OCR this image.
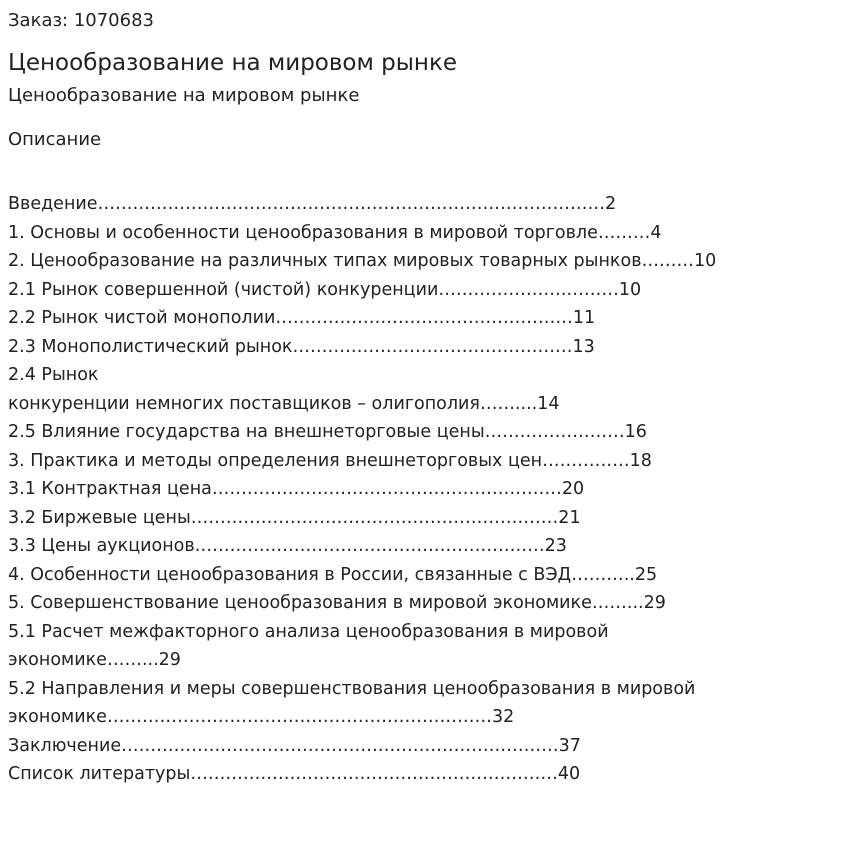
Заказ: 1070683

Ценообразование на мировом рынке

Ценообразование на мировом рынке

Описание

Введение……………………………………………………………………………2
1. Основы и особенности ценообразования в мировой торговле………4
2. Ценообразование на различных типах мировых товарных рынков………10
2.1 Рынок совершенной (чистой) конкуренции………………….………10
2.2 Рынок чистой монополии……………………………………………11
2.3 Монополистический рынок…………………………………………13
2.4 Рынок
конкуренции немногих поставщиков – олигополия……....14
2.5 Влияние государства на внешнеторговые цены……………………16
3. Практика и методы определения внешнеторговых цен……………18
3.1 Контрактная цена……………………………………………………20
3.2 Биржевые цены………………………………………………………21
3.3 Цены аукционов……………………………………………………23
4. Особенности ценообразования в России, связанные с ВЭД………..25
5. Совершенствование ценообразования в мировой экономике……...29
5.1 Расчет межфакторного анализа ценообразования в мировой
экономике……...29
5.2 Направления и меры совершенствования ценообразования в мировой
экономике…………………………………………………………32
Заключение…………………………………………………………………37
Список литературы………………………………………………………40
